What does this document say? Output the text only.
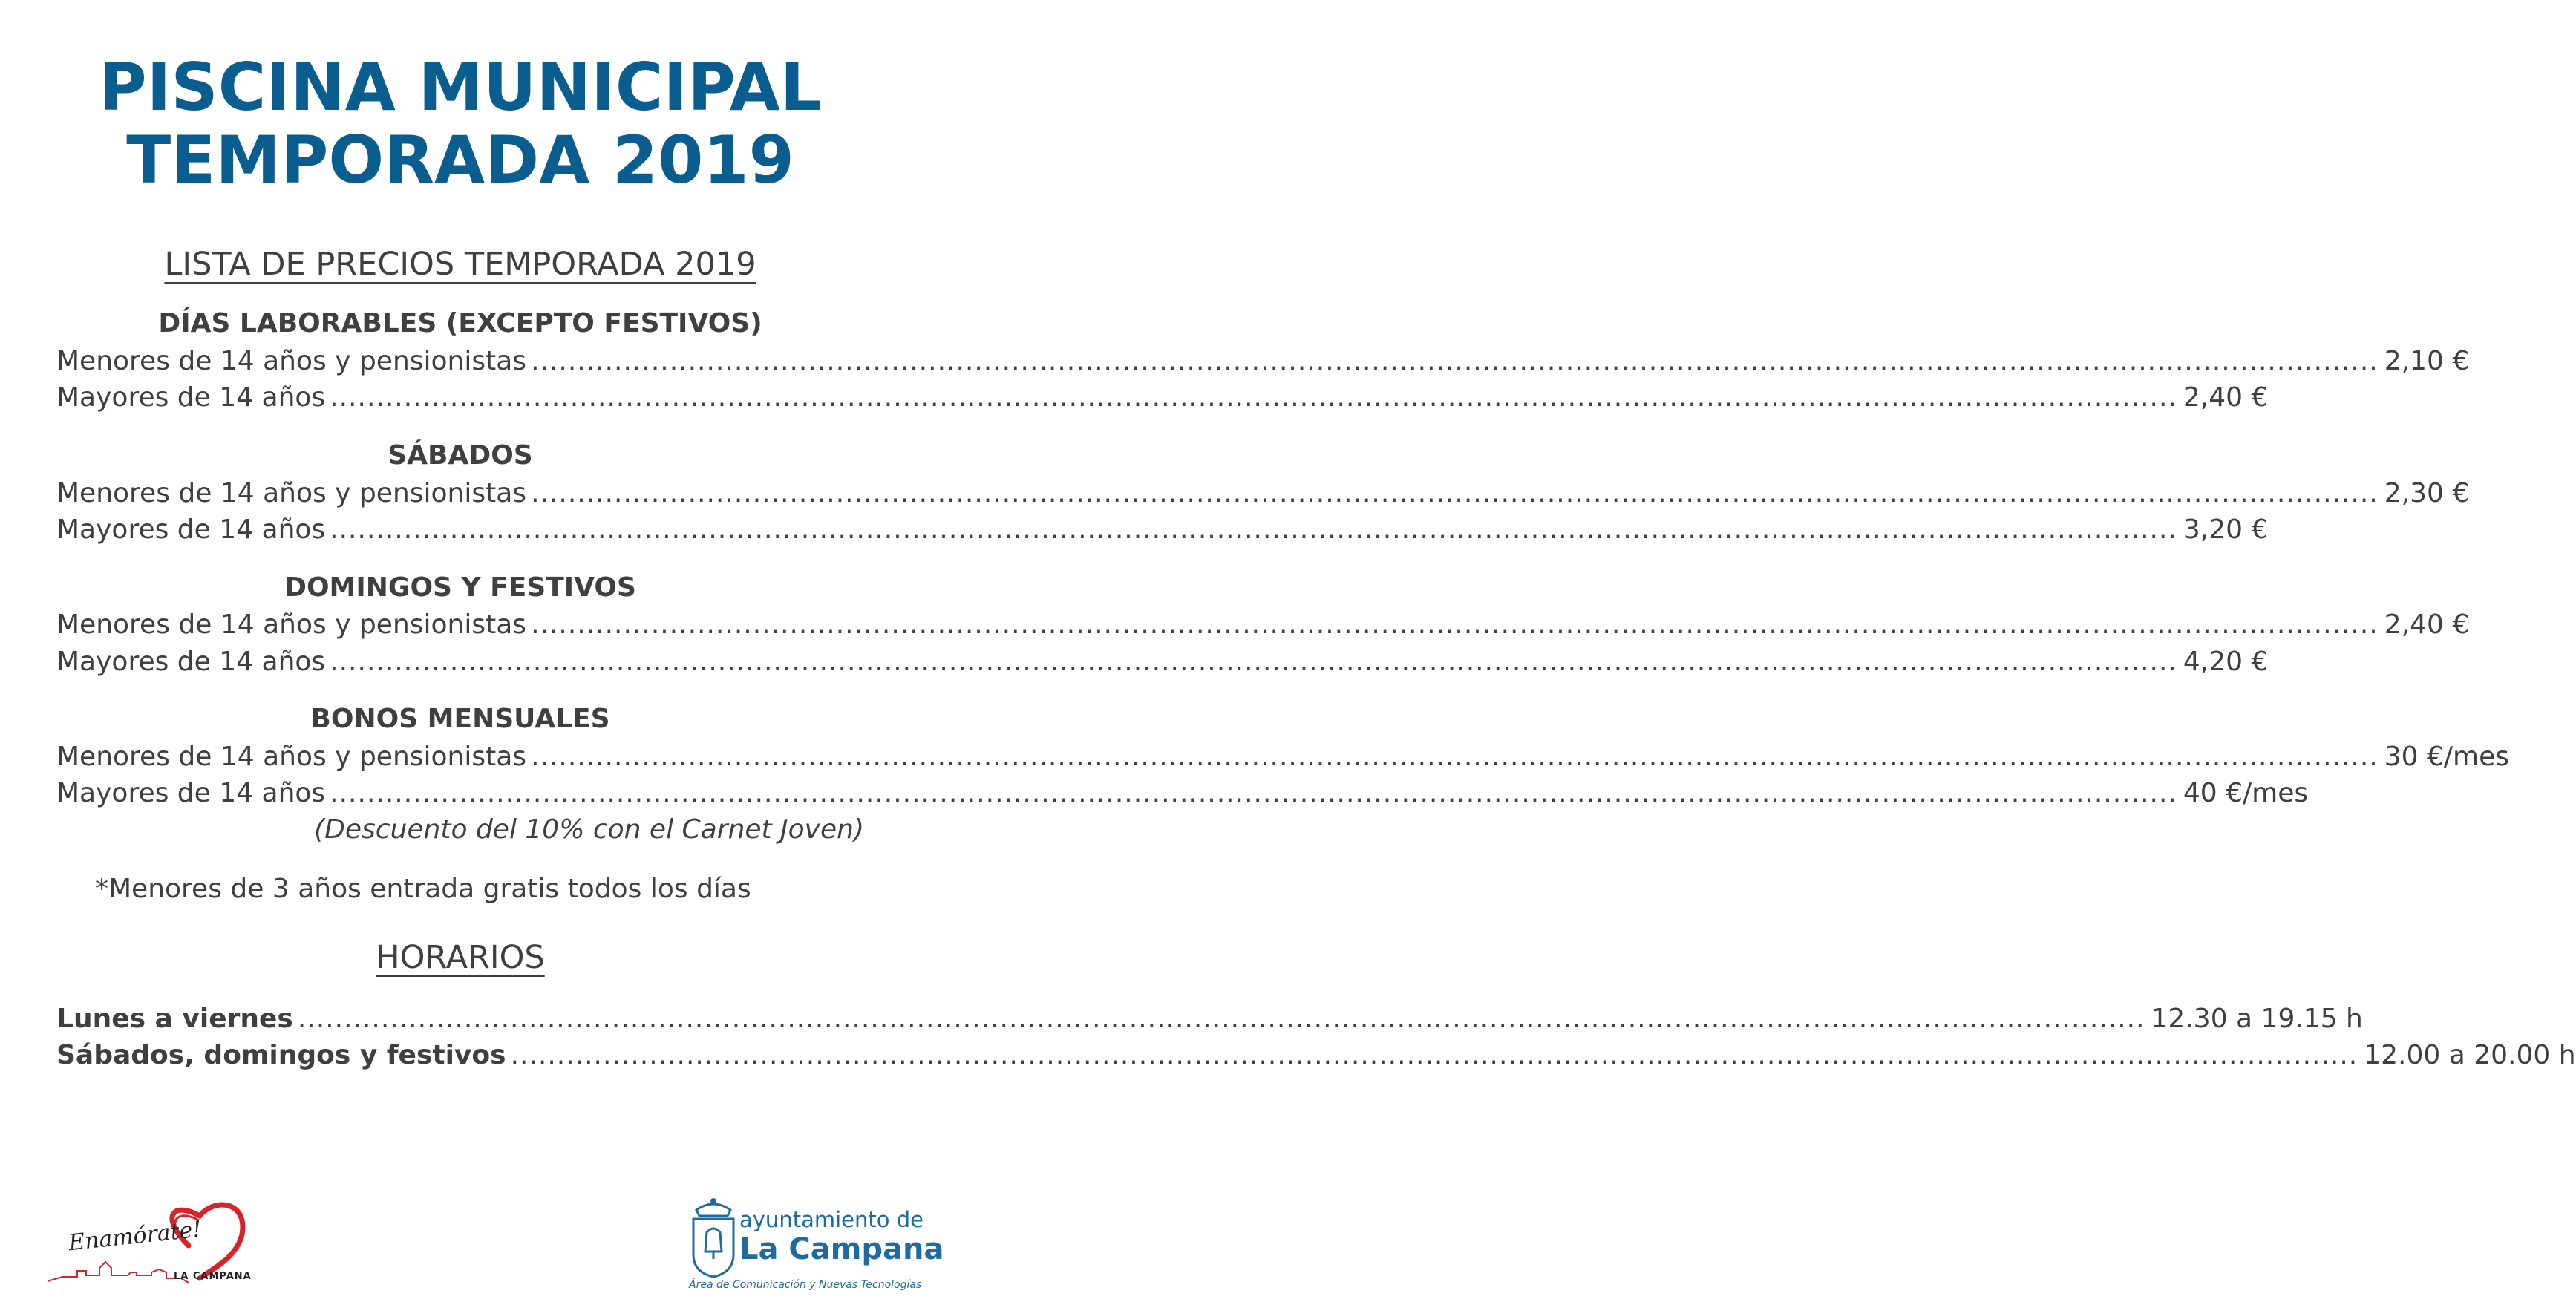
PISCINA MUNICIPAL
TEMPORADA 2019
LISTA DE PRECIOS TEMPORADA 2019
DÍAS LABORABLES (EXCEPTO FESTIVOS)
Menores de 14 años y pensionistas ........................................................................................................................................................................................................ 2,10 €
Mayores de 14 años ........................................................................................................................................................................................................ 2,40 €
SÁBADOS
Menores de 14 años y pensionistas ........................................................................................................................................................................................................ 2,30 €
Mayores de 14 años ........................................................................................................................................................................................................ 3,20 €
DOMINGOS Y FESTIVOS
Menores de 14 años y pensionistas ........................................................................................................................................................................................................ 2,40 €
Mayores de 14 años ........................................................................................................................................................................................................ 4,20 €
BONOS MENSUALES
Menores de 14 años y pensionistas ........................................................................................................................................................................................................ 30 €/mes
Mayores de 14 años ........................................................................................................................................................................................................ 40 €/mes
(Descuento del 10% con el Carnet Joven)
*Menores de 3 años entrada gratis todos los días
HORARIOS
Lunes a viernes ........................................................................................................................................................................................................ 12.30 a 19.15 h
Sábados, domingos y festivos ........................................................................................................................................................................................................ 12.00 a 20.00 h
Enamórate!
LA CAMPANA
ayuntamiento de
La Campana
Área de Comunicación y Nuevas Tecnologías
